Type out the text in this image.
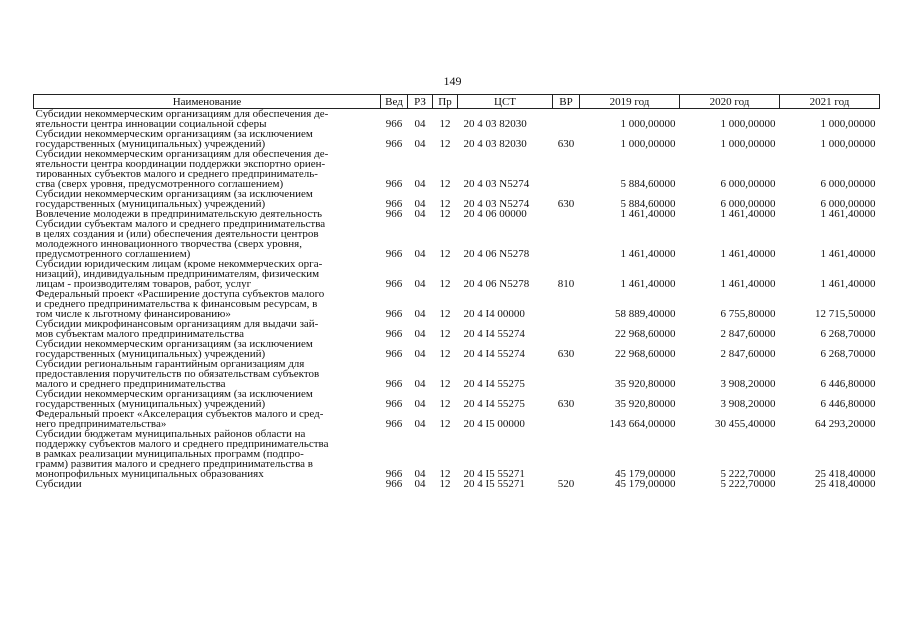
149
Наименование	Вед	РЗ	Пр	ЦСТ	ВР	2019 год	2020 год	2021 год

Субсидии некоммерческим организациям для обеспечения де-
ятельности центра инновации социальной сферы	966	04	12	20 4 03 82030		1 000,00000	1 000,00000	1 000,00000

Субсидии некоммерческим организациям (за исключением
государственных (муниципальных) учреждений)	966	04	12	20 4 03 82030	630	1 000,00000	1 000,00000	1 000,00000

Субсидии некоммерческим организациям для обеспечения де-
ятельности центра координации поддержки экспортно ориен-
тированных субъектов малого и среднего предприниматель-
ства (сверх уровня, предусмотренного соглашением)	966	04	12	20 4 03 N5274		5 884,60000	6 000,00000	6 000,00000

Субсидии некоммерческим организациям (за исключением
государственных (муниципальных) учреждений)	966	04	12	20 4 03 N5274	630	5 884,60000	6 000,00000	6 000,00000

Вовлечение молодежи в предпринимательскую деятельность	966	04	12	20 4 06 00000		1 461,40000	1 461,40000	1 461,40000

Субсидии субъектам малого и среднего предпринимательства
в целях создания и (или) обеспечения деятельности центров
молодежного инновационного творчества (сверх уровня,
предусмотренного соглашением)	966	04	12	20 4 06 N5278		1 461,40000	1 461,40000	1 461,40000

Субсидии юридическим лицам (кроме некоммерческих орга-
низаций), индивидуальным предпринимателям, физическим
лицам - производителям товаров, работ, услуг	966	04	12	20 4 06 N5278	810	1 461,40000	1 461,40000	1 461,40000

Федеральный проект «Расширение доступа субъектов малого
и среднего предпринимательства к финансовым ресурсам, в
том числе к льготному финансированию»	966	04	12	20 4 I4 00000		58 889,40000	6 755,80000	12 715,50000

Субсидии микрофинансовым организациям для выдачи зай-
мов субъектам малого предпринимательства	966	04	12	20 4 I4 55274		22 968,60000	2 847,60000	6 268,70000

Субсидии некоммерческим организациям (за исключением
государственных (муниципальных) учреждений)	966	04	12	20 4 I4 55274	630	22 968,60000	2 847,60000	6 268,70000

Субсидии региональным гарантийным организациям для
предоставления поручительств по обязательствам субъектов
малого и среднего предпринимательства	966	04	12	20 4 I4 55275		35 920,80000	3 908,20000	6 446,80000

Субсидии некоммерческим организациям (за исключением
государственных (муниципальных) учреждений)	966	04	12	20 4 I4 55275	630	35 920,80000	3 908,20000	6 446,80000

Федеральный проект «Акселерация субъектов малого и сред-
него предпринимательства»	966	04	12	20 4 I5 00000		143 664,00000	30 455,40000	64 293,20000

Субсидии бюджетам муниципальных районов области на
поддержку субъектов малого и среднего предпринимательства
в рамках реализации муниципальных программ (подпро-
грамм) развития малого и среднего предпринимательства в
монопрофильных муниципальных образованиях	966	04	12	20 4 I5 55271		45 179,00000	5 222,70000	25 418,40000

Субсидии	966	04	12	20 4 I5 55271	520	45 179,00000	5 222,70000	25 418,40000
